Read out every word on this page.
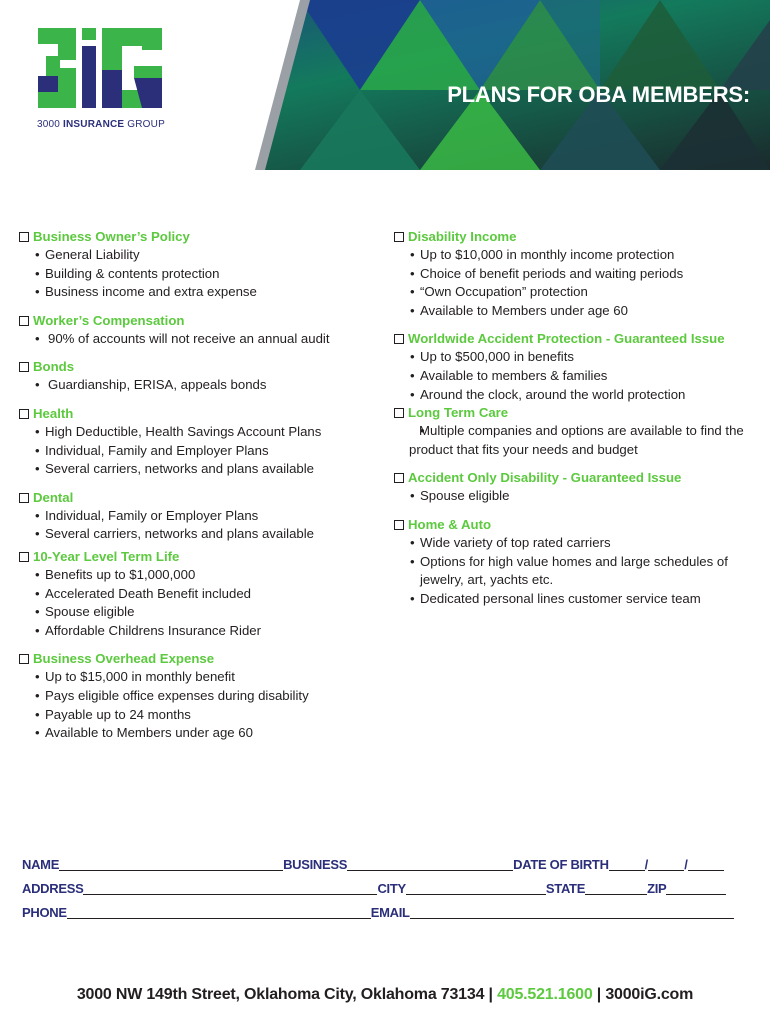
3000 INSURANCE GROUP
PLANS FOR OBA MEMBERS:
Business Owner’s Policy
• General Liability
• Building & contents protection
• Business income and extra expense
Worker’s Compensation
• 90% of accounts will not receive an annual audit
Bonds
• Guardianship, ERISA, appeals bonds
Health
• High Deductible, Health Savings Account Plans
• Individual, Family and Employer Plans
• Several carriers, networks and plans available
Dental
• Individual, Family or Employer Plans
• Several carriers, networks and plans available
10-Year Level Term Life
• Benefits up to $1,000,000
• Accelerated Death Benefit included
• Spouse eligible
• Affordable Childrens Insurance Rider
Business Overhead Expense
• Up to $15,000 in monthly benefit
• Pays eligible office expenses during disability
• Payable up to 24 months
• Available to Members under age 60
Disability Income
• Up to $10,000 in monthly income protection
• Choice of benefit periods and waiting periods
• “Own Occupation” protection
• Available to Members under age 60
Worldwide Accident Protection - Guaranteed Issue
• Up to $500,000 in benefits
• Available to members & families
• Around the clock, around the world protection
Long Term Care
• Multiple companies and options are available to find the product that fits your needs and budget
Accident Only Disability - Guaranteed Issue
• Spouse eligible
Home & Auto
• Wide variety of top rated carriers
• Options for high value homes and large schedules of jewelry, art, yachts etc.
• Dedicated personal lines customer service team
NAME	BUSINESS	DATE OF BIRTH	/	/
ADDRESS	CITY	STATE	ZIP
PHONE	EMAIL
3000 NW 149th Street, Oklahoma City, Oklahoma 73134 | 405.521.1600 | 3000iG.com
